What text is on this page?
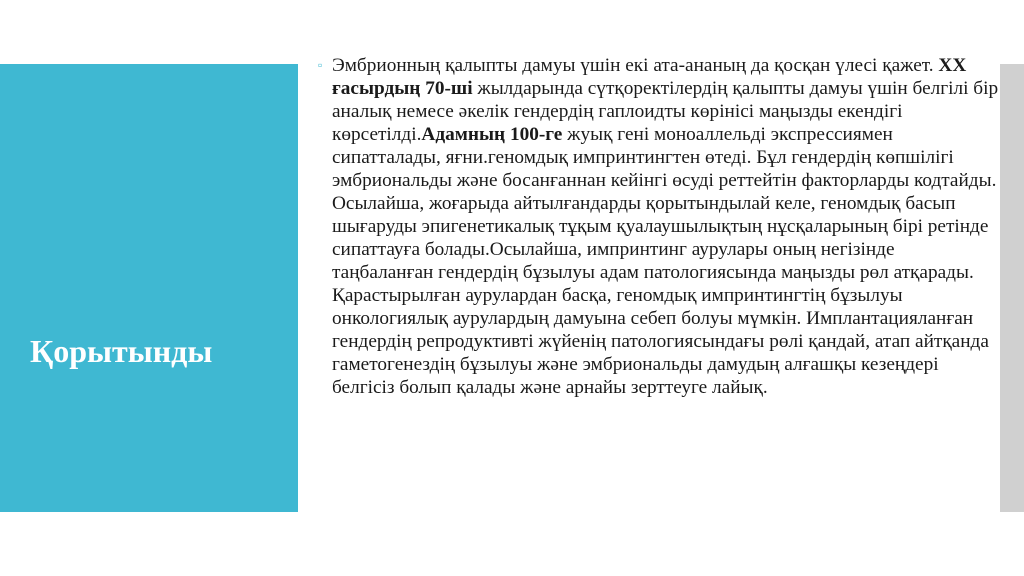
Қорытынды
▫ Эмбрионның қалыпты дамуы үшін екі ата-ананың да қосқан үлесі қажет. ХХ ғасырдың 70-ші жылдарында сүтқоректілердің қалыпты дамуы үшін белгілі бір аналық немесе әкелік гендердің гаплоидты көрінісі маңызды екендігі көрсетілді.Адамның 100-ге жуық гені моноаллельді экспрессиямен сипатталады, яғни.геномдық импринтингтен өтеді. Бұл гендердің көпшілігі эмбриональды және босанғаннан кейінгі өсуді реттейтін факторларды кодтайды. Осылайша, жоғарыда айтылғандарды қорытындылай келе, геномдық басып шығаруды эпигенетикалық тұқым қуалаушылықтың нұсқаларының бірі ретінде сипаттауға болады.Осылайша, импринтинг аурулары оның негізінде таңбаланған гендердің бұзылуы адам патологиясында маңызды рөл атқарады. Қарастырылған аурулардан басқа, геномдық импринтингтің бұзылуы онкологиялық аурулардың дамуына себеп болуы мүмкін. Имплантацияланған гендердің репродуктивті жүйенің патологиясындағы рөлі қандай, атап айтқанда гаметогенездің бұзылуы және эмбриональды дамудың алғашқы кезеңдері белгісіз болып қалады және арнайы зерттеуге лайық.
